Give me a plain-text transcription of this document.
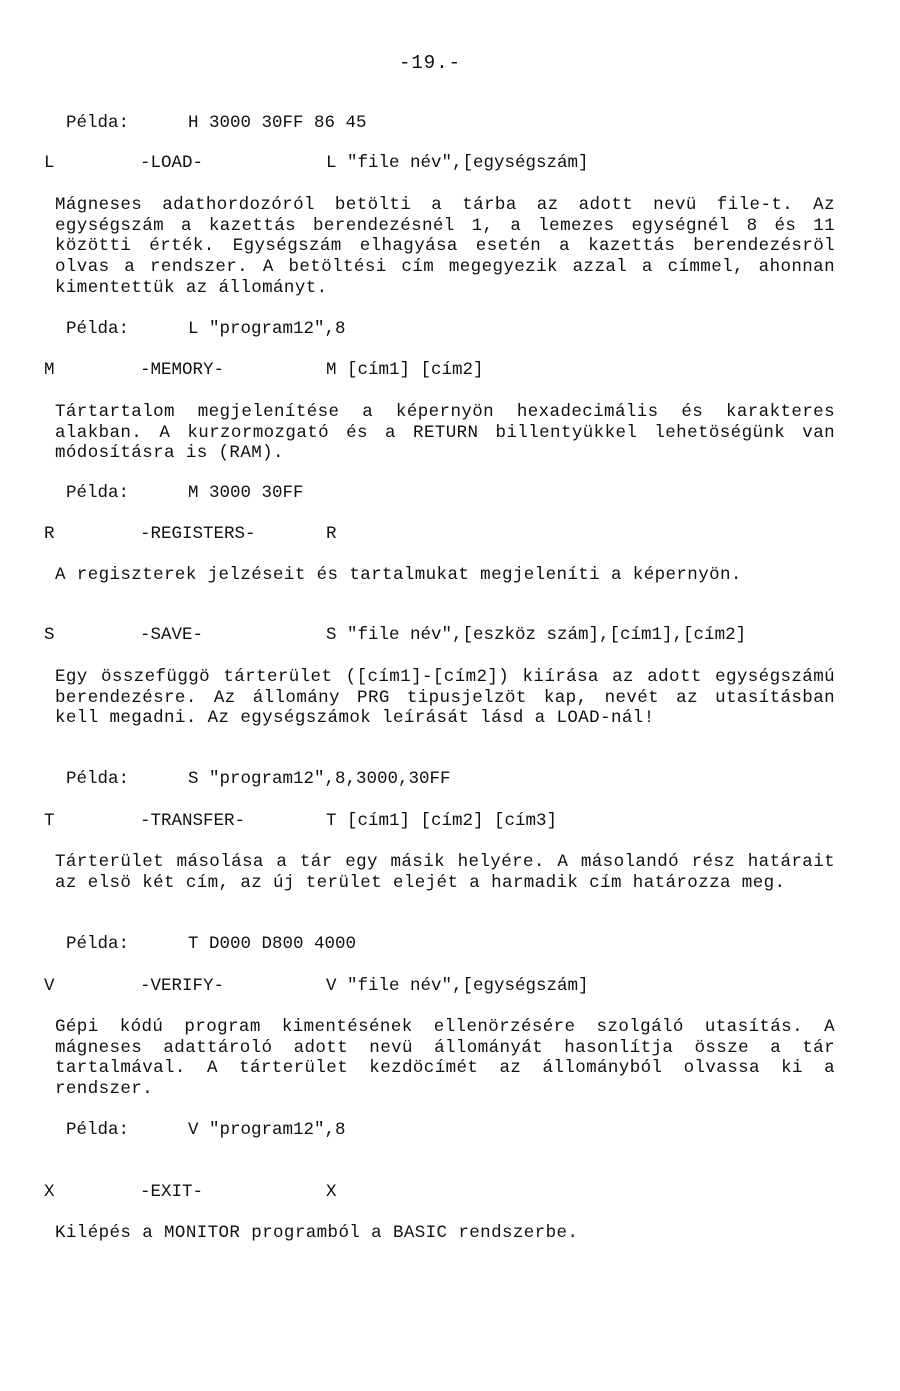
-19.-
Példa:	H 3000 30FF 86 45
L	-LOAD-	L "file név",[egységszám]
Mágneses adathordozóról betölti a tárba az adott nevü file-t. Az egységszám a kazettás berendezésnél 1, a lemezes egységnél 8 és 11 közötti érték. Egységszám elhagyása esetén a kazettás berendezésröl olvas a rendszer. A betöltési cím megegyezik azzal a címmel, ahonnan kimentettük az állományt.
Példa:	L "program12",8
M	-MEMORY-	M [cím1] [cím2]
Tártartalom megjelenítése a képernyön hexadecimális és karakteres alakban. A kurzormozgató és a RETURN billentyükkel lehetöségünk van módosításra is (RAM).
Példa:	M 3000 30FF
R	-REGISTERS-	R
A regiszterek jelzéseit és tartalmukat megjeleníti a képernyön.
S	-SAVE-	S "file név",[eszköz szám],[cím1],[cím2]
Egy összefüggö tárterület ([cím1]-[cím2]) kiírása az adott egységszámú berendezésre. Az állomány PRG tipusjelzöt kap, nevét az utasításban kell megadni. Az egységszámok leírását lásd a LOAD-nál!
Példa:	S "program12",8,3000,30FF
T	-TRANSFER-	T [cím1] [cím2] [cím3]
Tárterület másolása a tár egy másik helyére. A másolandó rész határait az elsö két cím, az új terület elejét a harmadik cím határozza meg.
Példa:	T D000 D800 4000
V	-VERIFY-	V "file név",[egységszám]
Gépi kódú program kimentésének ellenörzésére szolgáló utasítás. A mágneses adattároló adott nevü állományát hasonlítja össze a tár tartalmával. A tárterület kezdöcímét az állományból olvassa ki a rendszer.
Példa:	V "program12",8
X	-EXIT-	X
Kilépés a MONITOR programból a BASIC rendszerbe.
